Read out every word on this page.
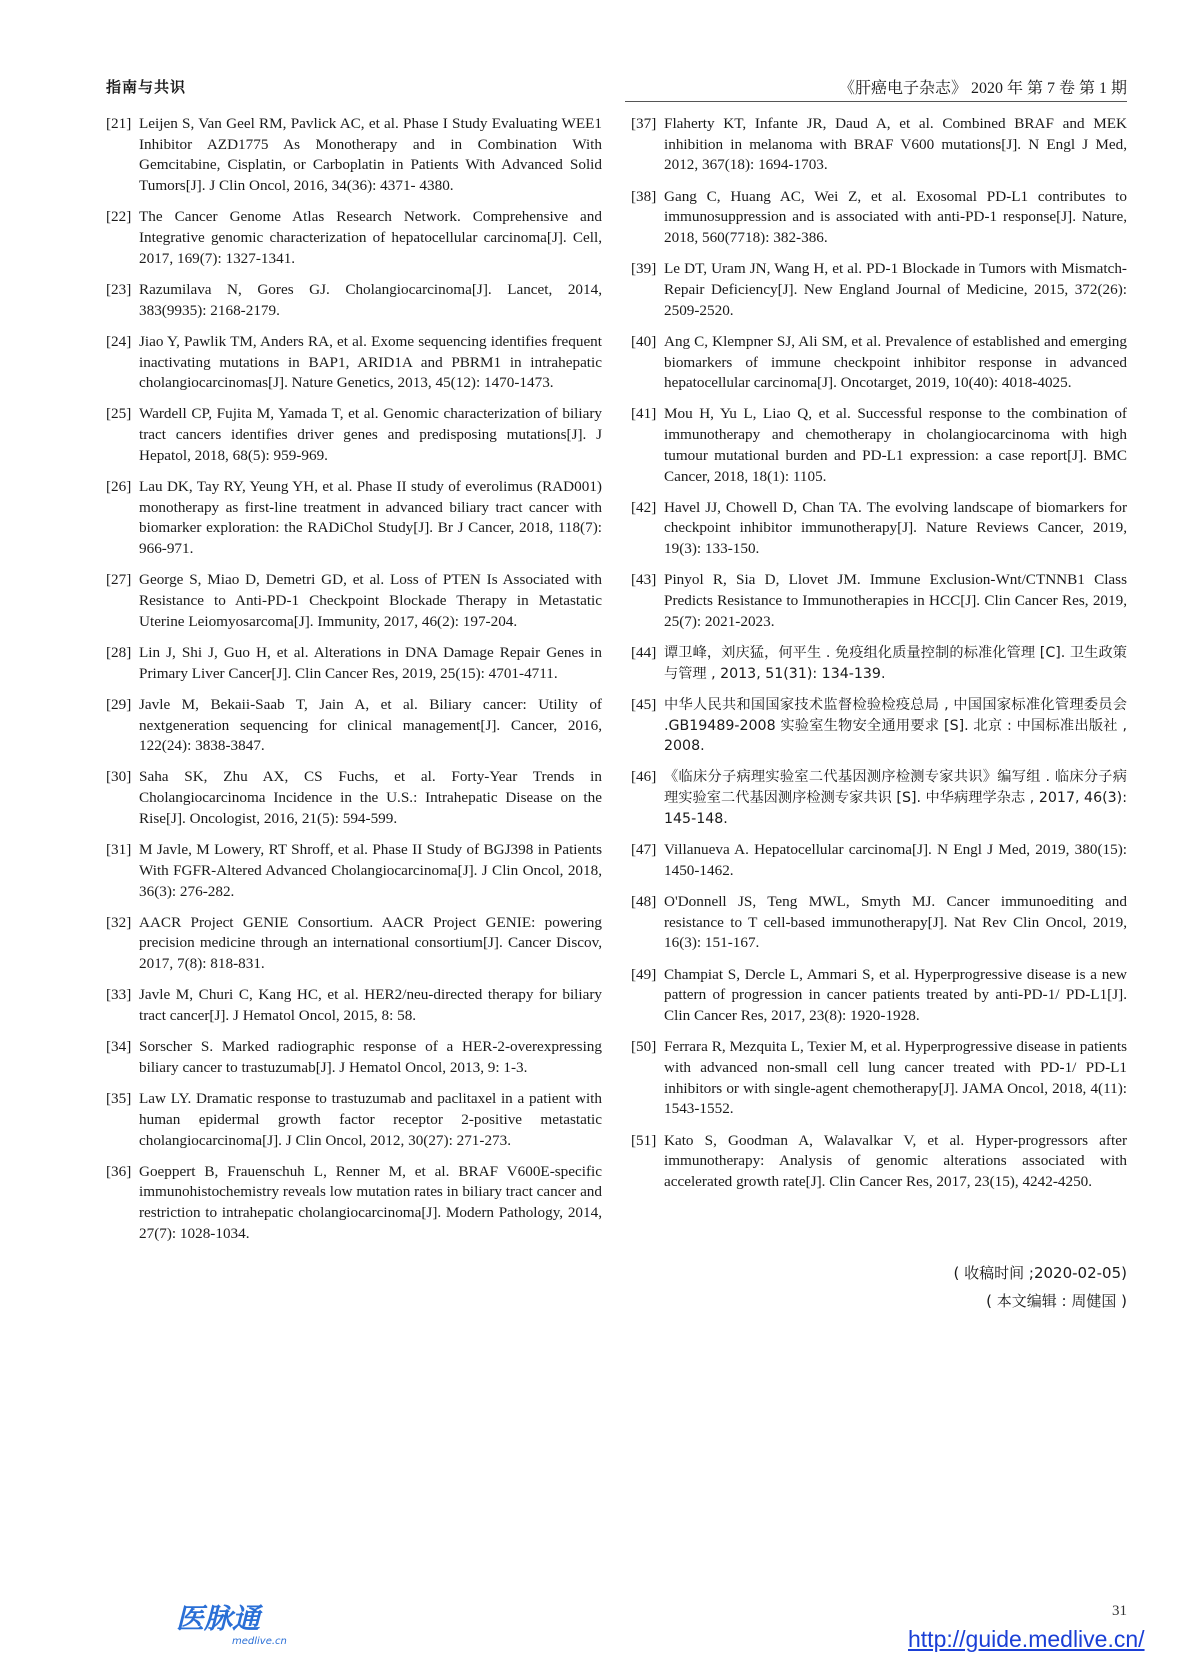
指南与共识	《肝癌电子杂志》 2020 年 第 7 卷 第 1 期
[21] Leijen S, Van Geel RM, Pavlick AC, et al. Phase I Study Evaluating WEE1 Inhibitor AZD1775 As Monotherapy and in Combination With Gemcitabine, Cisplatin, or Carboplatin in Patients With Advanced Solid Tumors[J]. J Clin Oncol, 2016, 34(36): 4371- 4380.
[22] The Cancer Genome Atlas Research Network. Comprehensive and Integrative genomic characterization of hepatocellular carcinoma[J]. Cell, 2017, 169(7): 1327-1341.
[23] Razumilava N, Gores GJ. Cholangiocarcinoma[J]. Lancet, 2014, 383(9935): 2168-2179.
[24] Jiao Y, Pawlik TM, Anders RA, et al. Exome sequencing identifies frequent inactivating mutations in BAP1, ARID1A and PBRM1 in intrahepatic cholangiocarcinomas[J]. Nature Genetics, 2013, 45(12): 1470-1473.
[25] Wardell CP, Fujita M, Yamada T, et al. Genomic characterization of biliary tract cancers identifies driver genes and predisposing mutations[J]. J Hepatol, 2018, 68(5): 959-969.
[26] Lau DK, Tay RY, Yeung YH, et al. Phase II study of everolimus (RAD001) monotherapy as first-line treatment in advanced biliary tract cancer with biomarker exploration: the RADiChol Study[J]. Br J Cancer, 2018, 118(7): 966-971.
[27] George S, Miao D, Demetri GD, et al. Loss of PTEN Is Associated with Resistance to Anti-PD-1 Checkpoint Blockade Therapy in Metastatic Uterine Leiomyosarcoma[J]. Immunity, 2017, 46(2): 197-204.
[28] Lin J, Shi J, Guo H, et al. Alterations in DNA Damage Repair Genes in Primary Liver Cancer[J]. Clin Cancer Res, 2019, 25(15): 4701-4711.
[29] Javle M, Bekaii-Saab T, Jain A, et al. Biliary cancer: Utility of nextgeneration sequencing for clinical management[J]. Cancer, 2016, 122(24): 3838-3847.
[30] Saha SK, Zhu AX, CS Fuchs, et al. Forty-Year Trends in Cholangiocarcinoma Incidence in the U.S.: Intrahepatic Disease on the Rise[J]. Oncologist, 2016, 21(5): 594-599.
[31] M Javle, M Lowery, RT Shroff, et al. Phase II Study of BGJ398 in Patients With FGFR-Altered Advanced Cholangiocarcinoma[J]. J Clin Oncol, 2018, 36(3): 276-282.
[32] AACR Project GENIE Consortium. AACR Project GENIE: powering precision medicine through an international consortium[J]. Cancer Discov, 2017, 7(8): 818-831.
[33] Javle M, Churi C, Kang HC, et al. HER2/neu-directed therapy for biliary tract cancer[J]. J Hematol Oncol, 2015, 8: 58.
[34] Sorscher S. Marked radiographic response of a HER-2-overexpressing biliary cancer to trastuzumab[J]. J Hematol Oncol, 2013, 9: 1-3.
[35] Law LY. Dramatic response to trastuzumab and paclitaxel in a patient with human epidermal growth factor receptor 2-positive metastatic cholangiocarcinoma[J]. J Clin Oncol, 2012, 30(27): 271-273.
[36] Goeppert B, Frauenschuh L, Renner M, et al. BRAF V600E-specific immunohistochemistry reveals low mutation rates in biliary tract cancer and restriction to intrahepatic cholangiocarcinoma[J]. Modern Pathology, 2014, 27(7): 1028-1034.
[37] Flaherty KT, Infante JR, Daud A, et al. Combined BRAF and MEK inhibition in melanoma with BRAF V600 mutations[J]. N Engl J Med, 2012, 367(18): 1694-1703.
[38] Gang C, Huang AC, Wei Z, et al. Exosomal PD-L1 contributes to immunosuppression and is associated with anti-PD-1 response[J]. Nature, 2018, 560(7718): 382-386.
[39] Le DT, Uram JN, Wang H, et al. PD-1 Blockade in Tumors with Mismatch-Repair Deficiency[J]. New England Journal of Medicine, 2015, 372(26): 2509-2520.
[40] Ang C, Klempner SJ, Ali SM, et al. Prevalence of established and emerging biomarkers of immune checkpoint inhibitor response in advanced hepatocellular carcinoma[J]. Oncotarget, 2019, 10(40): 4018-4025.
[41] Mou H, Yu L, Liao Q, et al. Successful response to the combination of immunotherapy and chemotherapy in cholangiocarcinoma with high tumour mutational burden and PD-L1 expression: a case report[J]. BMC Cancer, 2018, 18(1): 1105.
[42] Havel JJ, Chowell D, Chan TA. The evolving landscape of biomarkers for checkpoint inhibitor immunotherapy[J]. Nature Reviews Cancer, 2019, 19(3): 133-150.
[43] Pinyol R, Sia D, Llovet JM. Immune Exclusion-Wnt/CTNNB1 Class Predicts Resistance to Immunotherapies in HCC[J]. Clin Cancer Res, 2019, 25(7): 2021-2023.
[44] 谭卫峰，刘庆猛，何平生 . 免疫组化质量控制的标准化管理 [C]. 卫生政策与管理 , 2013, 51(31): 134-139.
[45] 中华人民共和国国家技术监督检验检疫总局 , 中国国家标准化管理委员会 .GB19489-2008 实验室生物安全通用要求 [S]. 北京 : 中国标准出版社 , 2008.
[46] 《临床分子病理实验室二代基因测序检测专家共识》编写组 . 临床分子病理实验室二代基因测序检测专家共识 [S]. 中华病理学杂志 , 2017, 46(3): 145-148.
[47] Villanueva A. Hepatocellular carcinoma[J]. N Engl J Med, 2019, 380(15): 1450-1462.
[48] O'Donnell JS, Teng MWL, Smyth MJ. Cancer immunoediting and resistance to T cell-based immunotherapy[J]. Nat Rev Clin Oncol, 2019, 16(3): 151-167.
[49] Champiat S, Dercle L, Ammari S, et al. Hyperprogressive disease is a new pattern of progression in cancer patients treated by anti-PD-1/ PD-L1[J]. Clin Cancer Res, 2017, 23(8): 1920-1928.
[50] Ferrara R, Mezquita L, Texier M, et al. Hyperprogressive disease in patients with advanced non-small cell lung cancer treated with PD-1/ PD-L1 inhibitors or with single-agent chemotherapy[J]. JAMA Oncol, 2018, 4(11): 1543-1552.
[51] Kato S, Goodman A, Walavalkar V, et al. Hyper-progressors after immunotherapy: Analysis of genomic alterations associated with accelerated growth rate[J]. Clin Cancer Res, 2017, 23(15), 4242-4250.
( 收稿时间 ;2020-02-05)
( 本文编辑 : 周健国 )
医脉通
medlive.cn	http://guide.medlive.cn/
31
